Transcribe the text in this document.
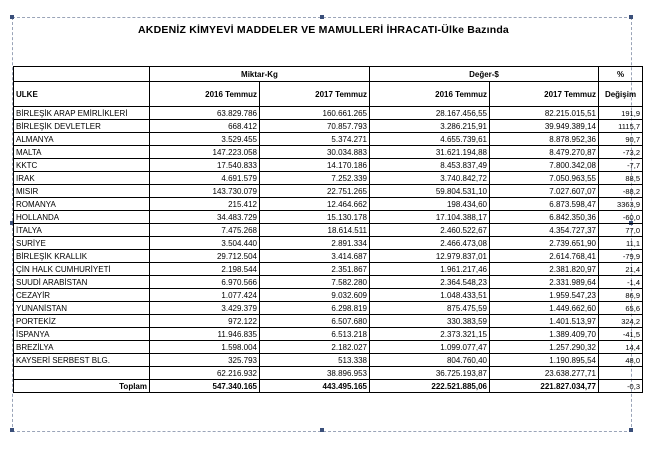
AKDENİZ KİMYEVİ MADDELER VE MAMULLERİ İHRACATI-Ülke Bazında
	Miktar-Kg		Değer-$		%
ULKE	2016 Temmuz	2017 Temmuz	2016 Temmuz	2017 Temmuz	Değişim
BİRLEŞİK ARAP EMİRLİKLERİ	63.829.786	160.661.265	28.167.456,55	82.215.015,51	191,9
BİRLEŞİK DEVLETLER	668.412	70.857.793	3.286.215,91	39.949.389,14	1115,7
ALMANYA	3.529.455	5.374.271	4.655.739,61	8.878.952,36	90,7
MALTA	147.223.058	30.034.883	31.621.194,88	8.479.270,87	-73,2
KKTC	17.540.833	14.170.186	8.453.837,49	7.800.342,08	-7,7
IRAK	4.691.579	7.252.339	3.740.842,72	7.050.963,55	88,5
MISIR	143.730.079	22.751.265	59.804.531,10	7.027.607,07	-88,2
ROMANYA	215.412	12.464.662	198.434,60	6.873.598,47	3363,9
HOLLANDA	34.483.729	15.130.178	17.104.388,17	6.842.350,36	-60,0
İTALYA	7.475.268	18.614.511	2.460.522,67	4.354.727,37	77,0
SURİYE	3.504.440	2.891.334	2.466.473,08	2.739.651,90	11,1
BİRLEŞİK KRALLIK	29.712.504	3.414.687	12.979.837,01	2.614.768,41	-79,9
ÇİN HALK CUMHURİYETİ	2.198.544	2.351.867	1.961.217,46	2.381.820,97	21,4
SUUDİ ARABİSTAN	6.970.566	7.582.280	2.364.548,23	2.331.989,64	-1,4
CEZAYİR	1.077.424	9.032.609	1.048.433,51	1.959.547,23	86,9
YUNANİSTAN	3.429.379	6.298.819	875.475,59	1.449.662,60	65,6
PORTEKİZ	972.122	6.507.680	330.383,59	1.401.513,97	324,2
İSPANYA	11.946.835	6.513.218	2.373.321,15	1.389.409,70	-41,5
BREZİLYA	1.598.004	2.182.027	1.099.077,47	1.257.290,32	14,4
KAYSERİ SERBEST BLG.	325.793	513.338	804.760,40	1.190.895,54	48,0
	62.216.932	38.896.953	36.725.193,87	23.638.277,71	
Toplam	547.340.165	443.495.165	222.521.885,06	221.827.034,77	-0,3
